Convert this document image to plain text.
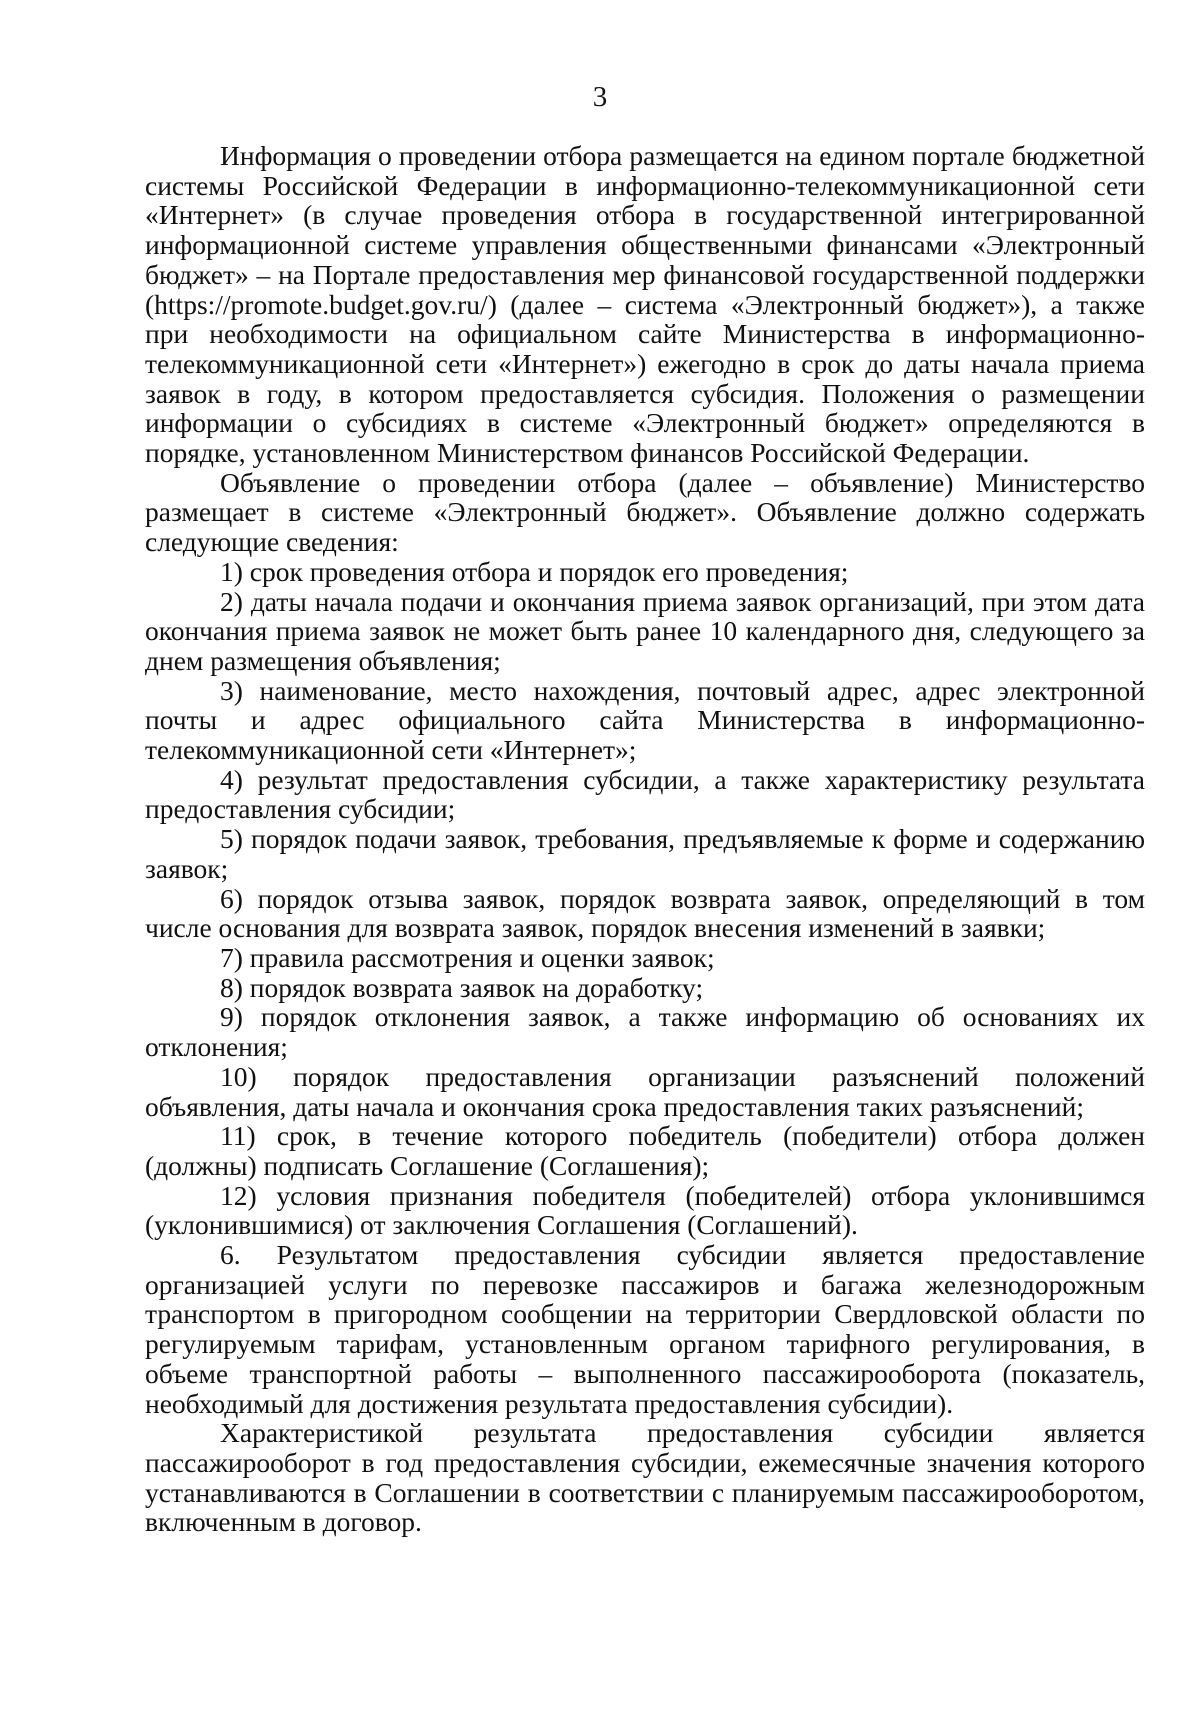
3

Информация о проведении отбора размещается на едином портале бюджетной системы Российской Федерации в информационно-телекоммуникационной сети «Интернет» (в случае проведения отбора в государственной интегрированной информационной системе управления общественными финансами «Электронный бюджет» – на Портале предоставления мер финансовой государственной поддержки (https://promote.budget.gov.ru/) (далее – система «Электронный бюджет»), а также при необходимости на официальном сайте Министерства в информационно-телекоммуникационной сети «Интернет») ежегодно в срок до даты начала приема заявок в году, в котором предоставляется субсидия. Положения о размещении информации о субсидиях в системе «Электронный бюджет» определяются в порядке, установленном Министерством финансов Российской Федерации.

Объявление о проведении отбора (далее – объявление) Министерство размещает в системе «Электронный бюджет». Объявление должно содержать следующие сведения:

1) срок проведения отбора и порядок его проведения;

2) даты начала подачи и окончания приема заявок организаций, при этом дата окончания приема заявок не может быть ранее 10 календарного дня, следующего за днем размещения объявления;

3) наименование, место нахождения, почтовый адрес, адрес электронной почты и адрес официального сайта Министерства в информационно-телекоммуникационной сети «Интернет»;

4) результат предоставления субсидии, а также характеристику результата предоставления субсидии;

5) порядок подачи заявок, требования, предъявляемые к форме и содержанию заявок;

6) порядок отзыва заявок, порядок возврата заявок, определяющий в том числе основания для возврата заявок, порядок внесения изменений в заявки;

7) правила рассмотрения и оценки заявок;

8) порядок возврата заявок на доработку;

9) порядок отклонения заявок, а также информацию об основаниях их отклонения;

10) порядок предоставления организации разъяснений положений объявления, даты начала и окончания срока предоставления таких разъяснений;

11) срок, в течение которого победитель (победители) отбора должен (должны) подписать Соглашение (Соглашения);

12) условия признания победителя (победителей) отбора уклонившимся (уклонившимися) от заключения Соглашения (Соглашений).

6. Результатом предоставления субсидии является предоставление организацией услуги по перевозке пассажиров и багажа железнодорожным транспортом в пригородном сообщении на территории Свердловской области по регулируемым тарифам, установленным органом тарифного регулирования, в объеме транспортной работы – выполненного пассажирооборота (показатель, необходимый для достижения результата предоставления субсидии).

Характеристикой результата предоставления субсидии является пассажирооборот в год предоставления субсидии, ежемесячные значения которого устанавливаются в Соглашении в соответствии с планируемым пассажирооборотом, включенным в договор.
